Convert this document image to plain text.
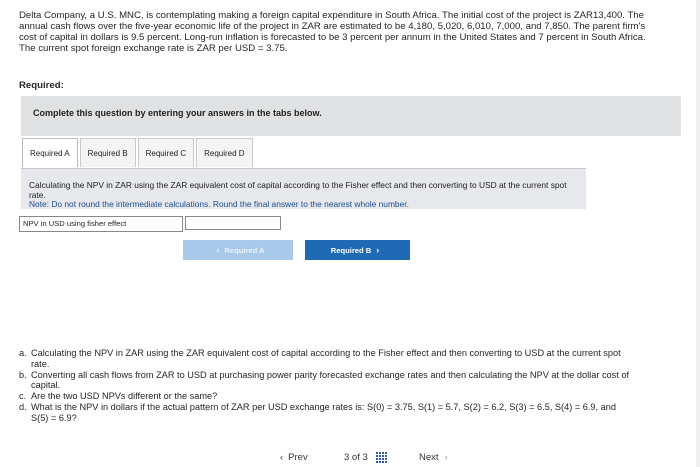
Delta Company, a U.S. MNC, is contemplating making a foreign capital expenditure in South Africa. The initial cost of the project is ZAR13,400. The annual cash flows over the five-year economic life of the project in ZAR are estimated to be 4,180, 5,020, 6,010, 7,000, and 7,850. The parent firm's cost of capital in dollars is 9.5 percent. Long-run inflation is forecasted to be 3 percent per annum in the United States and 7 percent in South Africa. The current spot foreign exchange rate is ZAR per USD = 3.75.
Required:
Complete this question by entering your answers in the tabs below.
Required A	Required B	Required C	Required D
Calculating the NPV in ZAR using the ZAR equivalent cost of capital according to the Fisher effect and then converting to USD at the current spot rate.
Note: Do not round the intermediate calculations. Round the final answer to the nearest whole number.
NPV in USD using fisher effect
‹ Required A	Required B ›
a. Calculating the NPV in ZAR using the ZAR equivalent cost of capital according to the Fisher effect and then converting to USD at the current spot rate.
b. Converting all cash flows from ZAR to USD at purchasing power parity forecasted exchange rates and then calculating the NPV at the dollar cost of capital.
c. Are the two USD NPVs different or the same?
d. What is the NPV in dollars if the actual pattern of ZAR per USD exchange rates is: S(0) = 3.75, S(1) = 5.7, S(2) = 6.2, S(3) = 6.5, S(4) = 6.9, and S(5) = 6.9?
‹ Prev	3 of 3	Next ›
